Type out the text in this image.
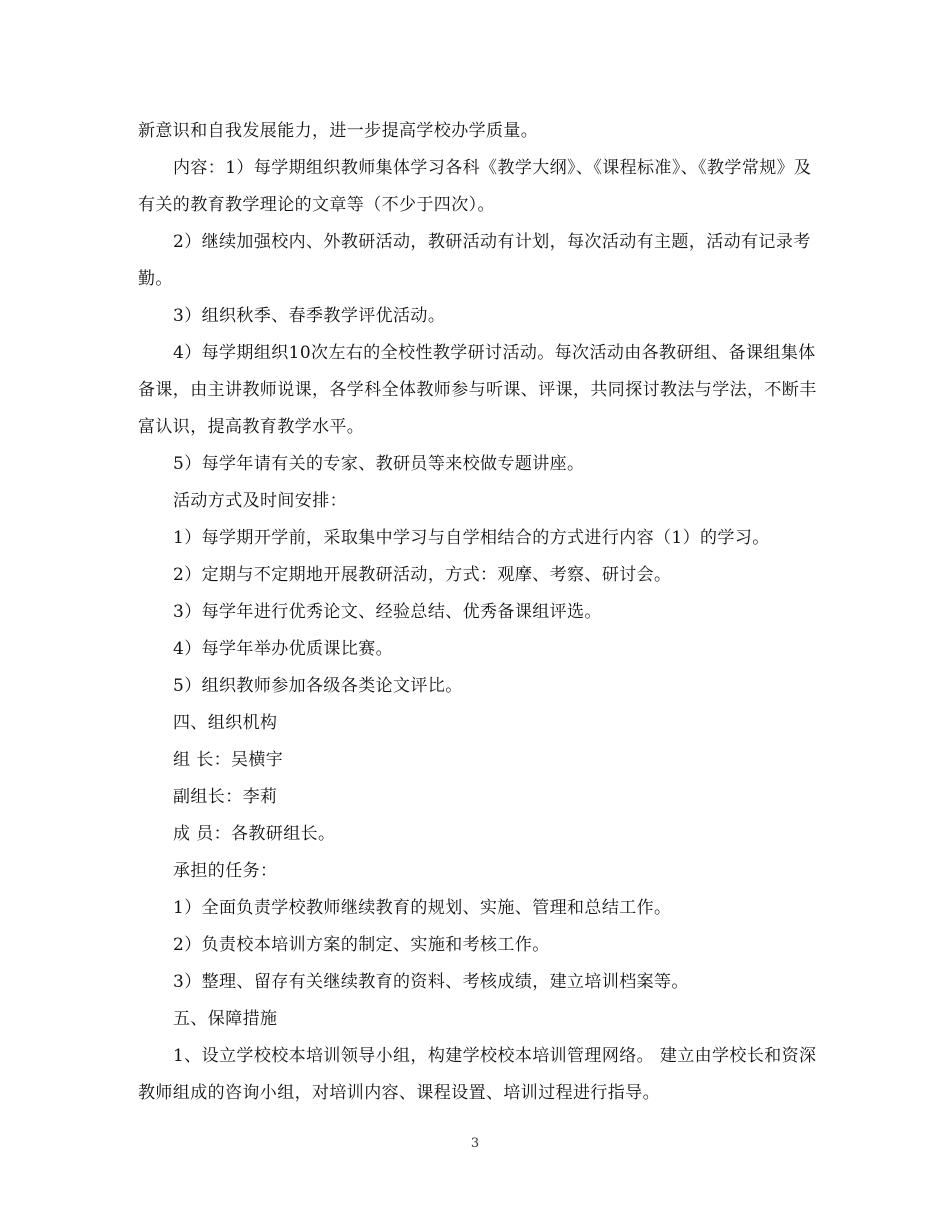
新意识和自我发展能力，进一步提高学校办学质量。

内容：1）每学期组织教师集体学习各科《教学大纲》、《课程标准》、《教学常规》及有关的教育教学理论的文章等（不少于四次）。

2）继续加强校内、外教研活动，教研活动有计划，每次活动有主题，活动有记录考勤。

3）组织秋季、春季教学评优活动。

4）每学期组织10次左右的全校性教学研讨活动。每次活动由各教研组、备课组集体备课，由主讲教师说课，各学科全体教师参与听课、评课，共同探讨教法与学法，不断丰富认识，提高教育教学水平。

5）每学年请有关的专家、教研员等来校做专题讲座。

活动方式及时间安排：

1）每学期开学前，采取集中学习与自学相结合的方式进行内容（1）的学习。

2）定期与不定期地开展教研活动，方式：观摩、考察、研讨会。

3）每学年进行优秀论文、经验总结、优秀备课组评选。

4）每学年举办优质课比赛。

5）组织教师参加各级各类论文评比。

四、组织机构

组 长：吴横宇

副组长：李莉

成 员：各教研组长。

承担的任务：

1）全面负责学校教师继续教育的规划、实施、管理和总结工作。

2）负责校本培训方案的制定、实施和考核工作。

3）整理、留存有关继续教育的资料、考核成绩，建立培训档案等。

五、保障措施

1、设立学校校本培训领导小组，构建学校校本培训管理网络。 建立由学校长和资深教师组成的咨询小组，对培训内容、课程设置、培训过程进行指导。

3
